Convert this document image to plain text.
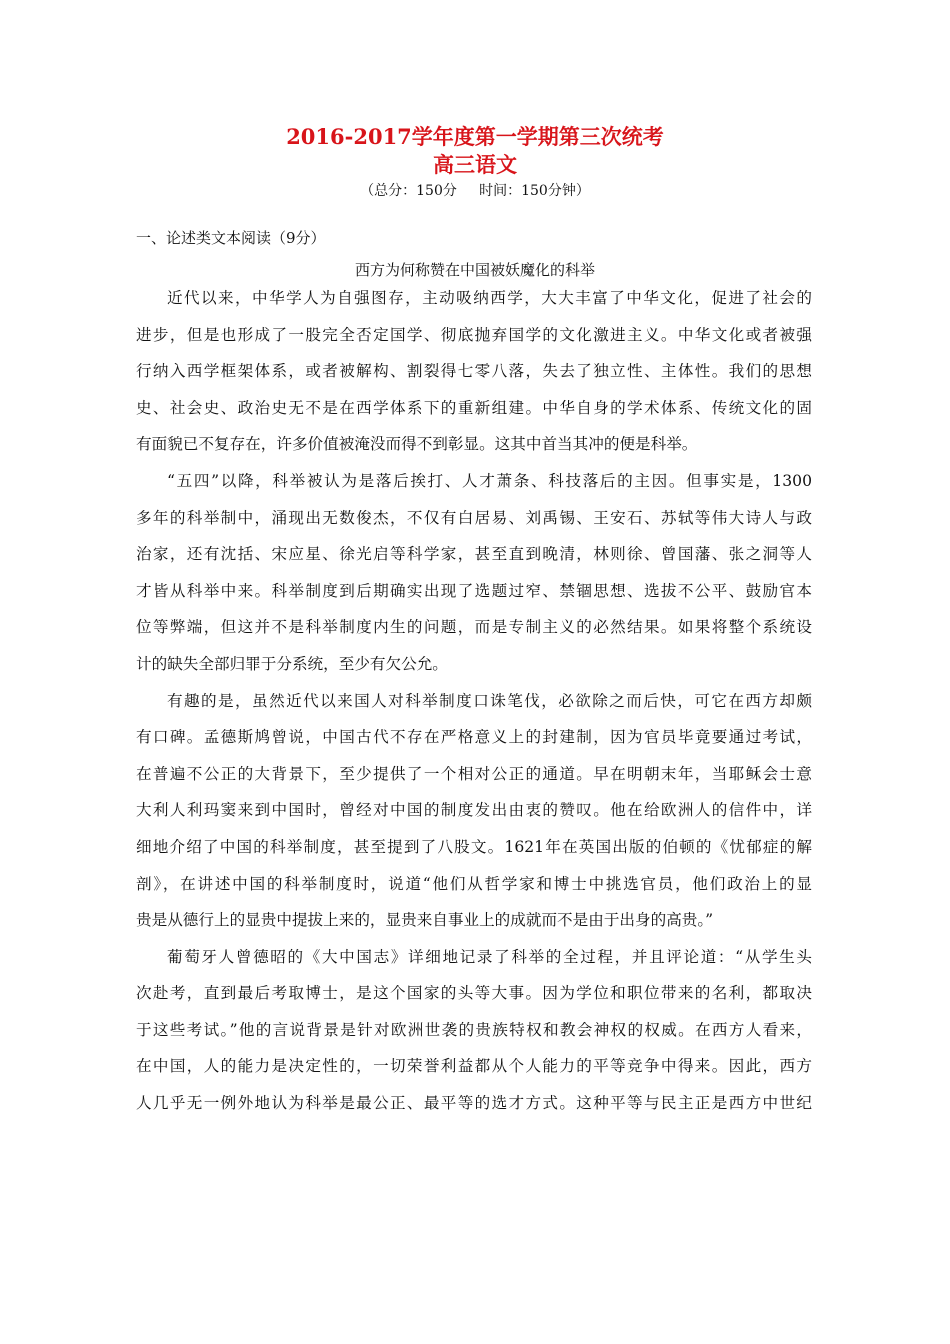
2016-2017学年度第一学期第三次统考
高三语文
（总分：150分     时间：150分钟）
一、论述类文本阅读（9分）
西方为何称赞在中国被妖魔化的科举
近代以来，中华学人为自强图存，主动吸纳西学，大大丰富了中华文化，促进了社会的
进步，但是也形成了一股完全否定国学、彻底抛弃国学的文化激进主义。中华文化或者被强
行纳入西学框架体系，或者被解构、割裂得七零八落，失去了独立性、主体性。我们的思想
史、社会史、政治史无不是在西学体系下的重新组建。中华自身的学术体系、传统文化的固
有面貌已不复存在，许多价值被淹没而得不到彰显。这其中首当其冲的便是科举。
“五四”以降，科举被认为是落后挨打、人才萧条、科技落后的主因。但事实是，1300
多年的科举制中，涌现出无数俊杰，不仅有白居易、刘禹锡、王安石、苏轼等伟大诗人与政
治家，还有沈括、宋应星、徐光启等科学家，甚至直到晚清，林则徐、曾国藩、张之洞等人
才皆从科举中来。科举制度到后期确实出现了选题过窄、禁锢思想、选拔不公平、鼓励官本
位等弊端，但这并不是科举制度内生的问题，而是专制主义的必然结果。如果将整个系统设
计的缺失全部归罪于分系统，至少有欠公允。
有趣的是，虽然近代以来国人对科举制度口诛笔伐，必欲除之而后快，可它在西方却颇
有口碑。孟德斯鸠曾说，中国古代不存在严格意义上的封建制，因为官员毕竟要通过考试，
在普遍不公正的大背景下，至少提供了一个相对公正的通道。早在明朝末年，当耶稣会士意
大利人利玛窦来到中国时，曾经对中国的制度发出由衷的赞叹。他在给欧洲人的信件中，详
细地介绍了中国的科举制度，甚至提到了八股文。1621年在英国出版的伯顿的《忧郁症的解
剖》，在讲述中国的科举制度时，说道“他们从哲学家和博士中挑选官员，他们政治上的显
贵是从德行上的显贵中提拔上来的，显贵来自事业上的成就而不是由于出身的高贵。”
葡萄牙人曾德昭的《大中国志》详细地记录了科举的全过程，并且评论道：“从学生头
次赴考，直到最后考取博士，是这个国家的头等大事。因为学位和职位带来的名利，都取决
于这些考试。”他的言说背景是针对欧洲世袭的贵族特权和教会神权的权威。在西方人看来，
在中国，人的能力是决定性的，一切荣誉利益都从个人能力的平等竞争中得来。因此，西方
人几乎无一例外地认为科举是最公正、最平等的选才方式。这种平等与民主正是西方中世纪
